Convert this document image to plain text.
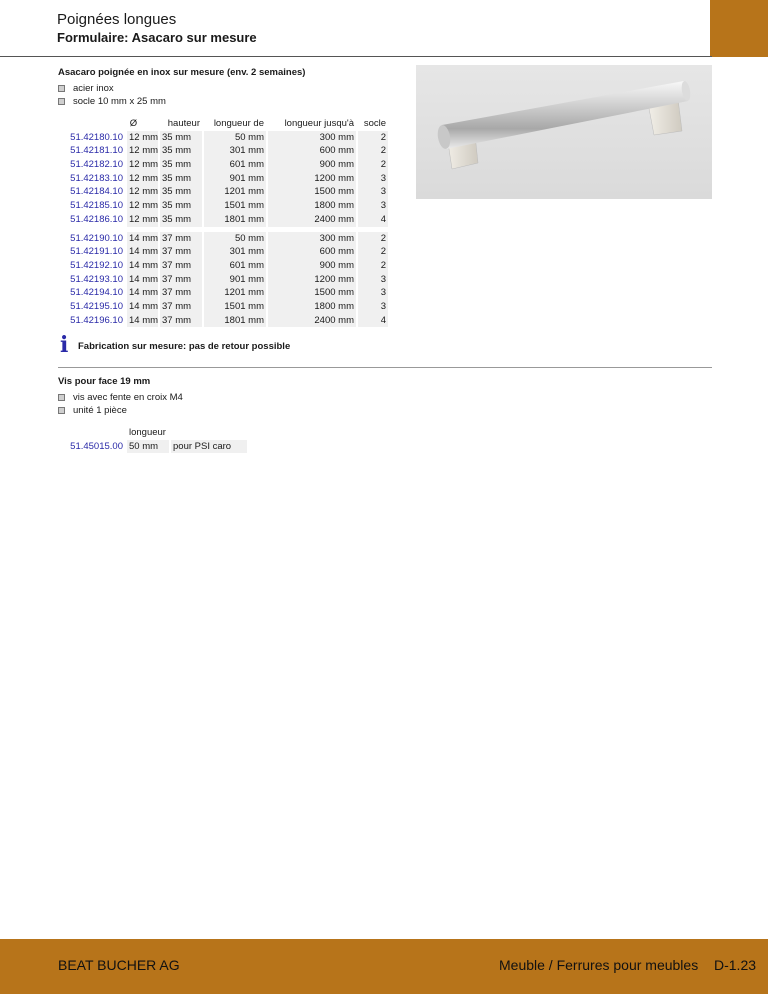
Poignées longues
Formulaire: Asacaro sur mesure
Asacaro poignée en inox sur mesure (env. 2 semaines)
acier inox
socle 10 mm x 25 mm
Ø	hauteur	longueur de	longueur jusqu'à	socle
51.42180.10 12 mm 35 mm	50 mm	300 mm	2
51.42181.10 12 mm 35 mm	301 mm	600 mm	2
51.42182.10 12 mm 35 mm	601 mm	900 mm	2
51.42183.10 12 mm 35 mm	901 mm	1200 mm	3
51.42184.10 12 mm 35 mm	1201 mm	1500 mm	3
51.42185.10 12 mm 35 mm	1501 mm	1800 mm	3
51.42186.10 12 mm 35 mm	1801 mm	2400 mm	4
51.42190.10 14 mm 37 mm	50 mm	300 mm	2
51.42191.10 14 mm 37 mm	301 mm	600 mm	2
51.42192.10 14 mm 37 mm	601 mm	900 mm	2
51.42193.10 14 mm 37 mm	901 mm	1200 mm	3
51.42194.10 14 mm 37 mm	1201 mm	1500 mm	3
51.42195.10 14 mm 37 mm	1501 mm	1800 mm	3
51.42196.10 14 mm 37 mm	1801 mm	2400 mm	4
i Fabrication sur mesure: pas de retour possible
Vis pour face 19 mm
vis avec fente en croix M4
unité 1 pièce
longueur
51.45015.00 50 mm	pour PSI caro
BEAT BUCHER AG	Meuble / Ferrures pour meubles D-1.23
